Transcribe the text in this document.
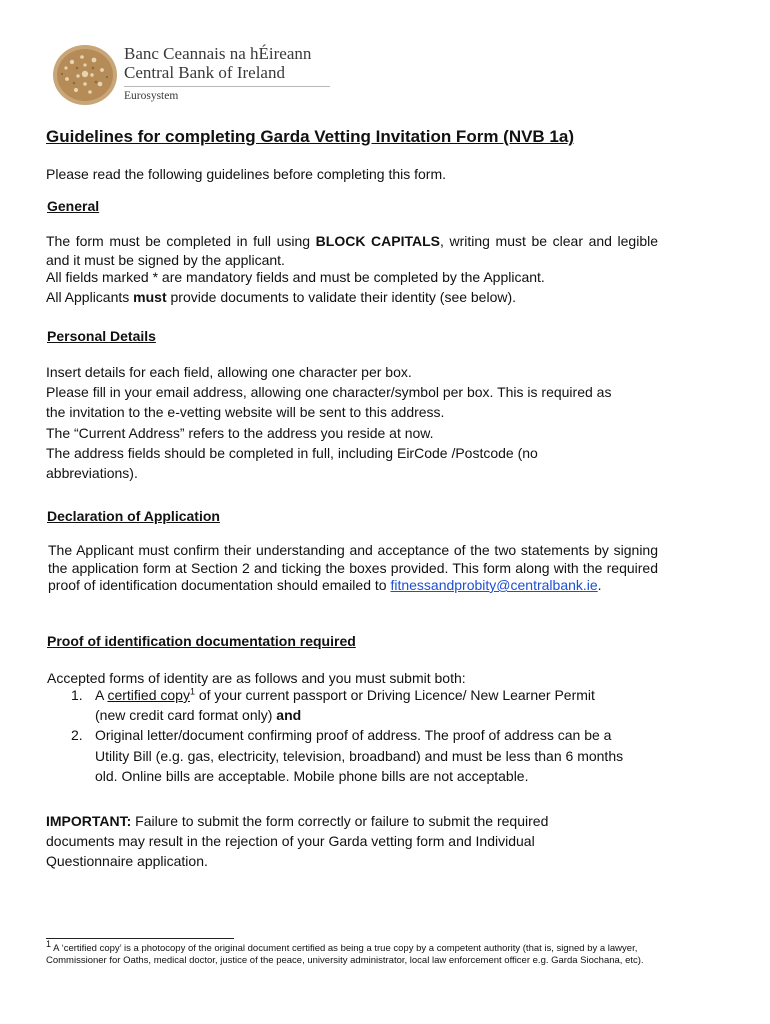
Banc Ceannais na hÉireann
Central Bank of Ireland
Eurosystem
Guidelines for completing Garda Vetting Invitation Form (NVB 1a)
Please read the following guidelines before completing this form.
General
The form must be completed in full using BLOCK CAPITALS, writing must be clear and legible and it must be signed by the applicant.
All fields marked * are mandatory fields and must be completed by the Applicant.
All Applicants must provide documents to validate their identity (see below).
Personal Details
Insert details for each field, allowing one character per box.
Please fill in your email address, allowing one character/symbol per box. This is required as
the invitation to the e-vetting website will be sent to this address.
The “Current Address” refers to the address you reside at now.
The address fields should be completed in full, including EirCode /Postcode (no
abbreviations).
Declaration of Application
The Applicant must confirm their understanding and acceptance of the two statements by signing the application form at Section 2 and ticking the boxes provided. This form along with the required proof of identification documentation should emailed to fitnessandprobity@centralbank.ie.
Proof of identification documentation required
Accepted forms of identity are as follows and you must submit both:
1. A certified copy$^1$ of your current passport or Driving Licence/ New Learner Permit
(new credit card format only) and
2. Original letter/document confirming proof of address. The proof of address can be a
Utility Bill (e.g. gas, electricity, television, broadband) and must be less than 6 months
old. Online bills are acceptable. Mobile phone bills are not acceptable.
IMPORTANT: Failure to submit the form correctly or failure to submit the required
documents may result in the rejection of your Garda vetting form and Individual
Questionnaire application.
$^1$ A ‘certified copy’ is a photocopy of the original document certified as being a true copy by a competent authority (that is, signed by a lawyer, Commissioner for Oaths, medical doctor, justice of the peace, university administrator, local law enforcement officer e.g. Garda Siochana, etc).
